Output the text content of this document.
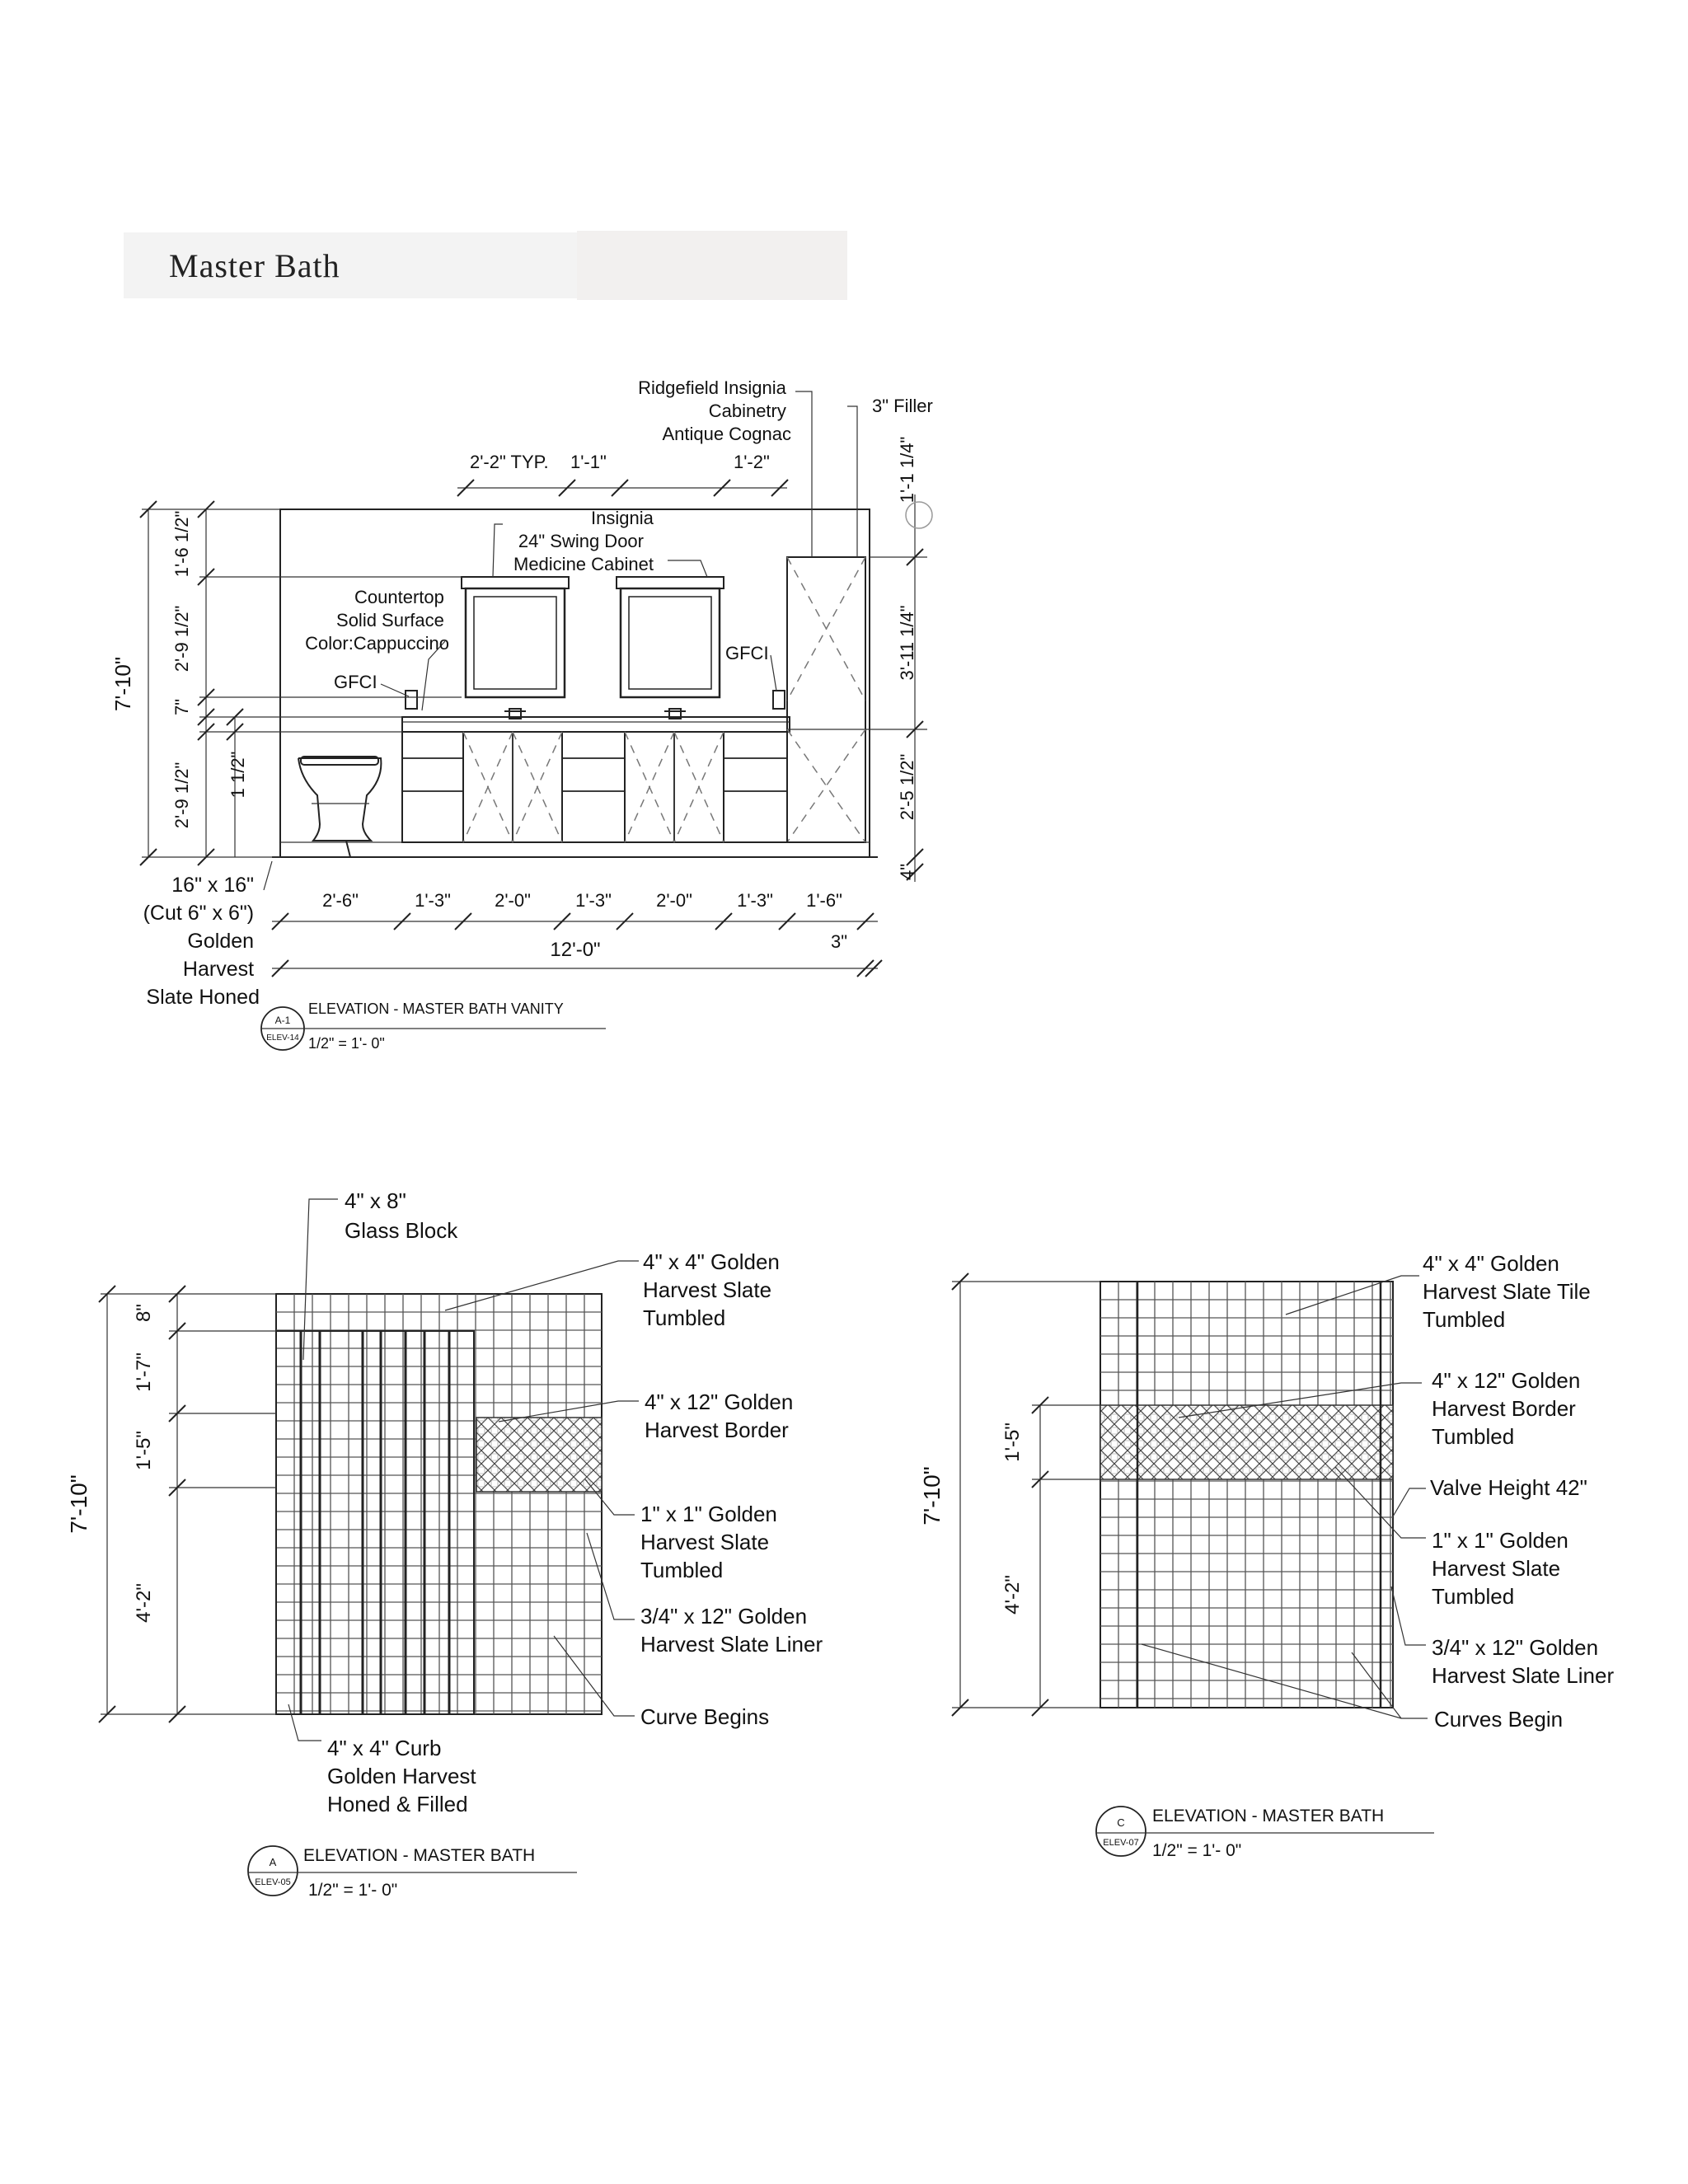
Master Bath
1'-6 1/2"
2'-9 1/2"
7"
2'-9 1/2" 1 1/2"
7'-10"
2'-2" TYP. 1'-1"	1'-2"	1'-1 1/4"
3'-11 1/4"
2'-5 1/2"
4"
2'-6"	1'-3" 2'-0" 1'-3" 2'-0" 1'-3" 1'-6"
12'-0"	3"
Ridgefield Insignia Cabinetry Antique Cognac
3" Filler
Insignia 24" Swing Door Medicine Cabinet
Countertop Solid Surface Color:Cappuccino
GFCI
GFCI
16" x 16" (Cut 6" x 6") Golden Harvest Slate Honed
A-1
ELEV-14
ELEVATION - MASTER BATH VANITY
1/2" = 1'- 0"
8"
1'-7"
1'-5"
4'-2"
7'-10"
4" x 8" Glass Block
4" x 4" Golden Harvest Slate Tumbled
4" x 12" Golden Harvest Border
1" x 1" Golden Harvest Slate Tumbled
3/4" x 12" Golden Harvest Slate Liner
Curve Begins
4" x 4" Curb Golden Harvest Honed & Filled
A
ELEV-05
ELEVATION - MASTER BATH
1/2" = 1'- 0"
1'-5"
4'-2"
7'-10"
4" x 4" Golden Harvest Slate Tile Tumbled
4" x 12" Golden Harvest Border Tumbled
Valve Height 42"
1" x 1" Golden Harvest Slate Tumbled
3/4" x 12" Golden Harvest Slate Liner
Curves Begin
C
ELEV-07
ELEVATION - MASTER BATH
1/2" = 1'- 0"
